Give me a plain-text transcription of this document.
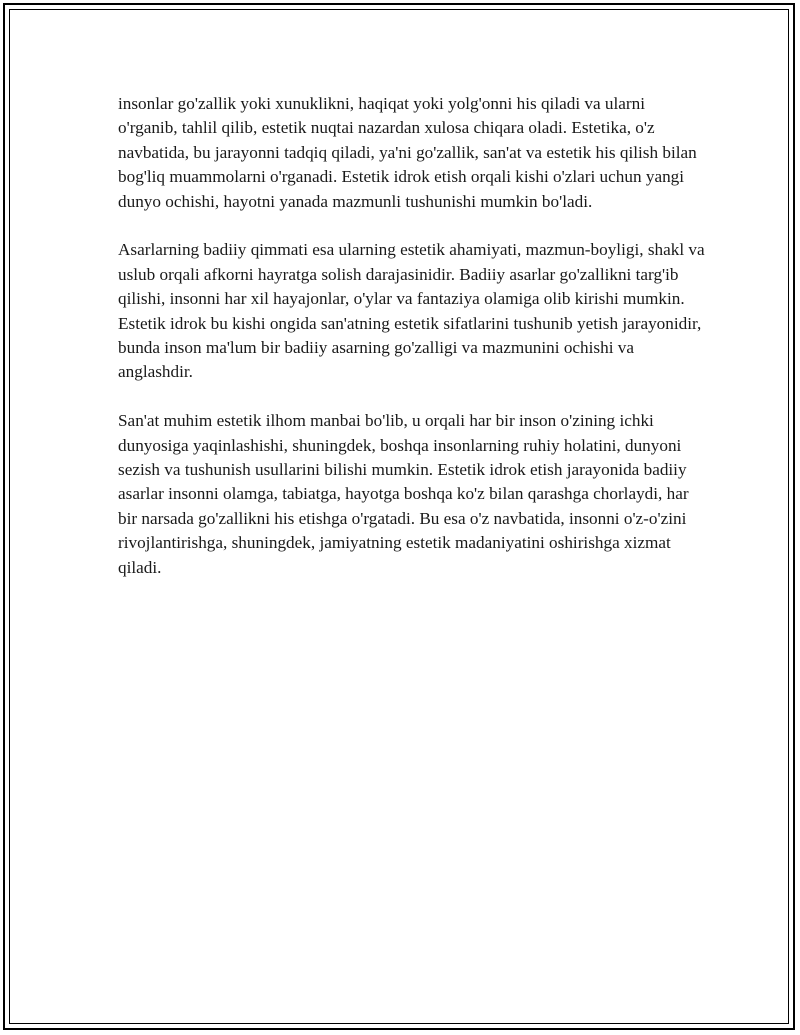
insonlar go'zallik yoki xunuklikni, haqiqat yoki yolg'onni his qiladi va ularni o'rganib, tahlil qilib, estetik nuqtai nazardan xulosa chiqara oladi. Estetika, o'z navbatida, bu jarayonni tadqiq qiladi, ya'ni go'zallik, san'at va estetik his qilish bilan bog'liq muammolarni o'rganadi. Estetik idrok etish orqali kishi o'zlari uchun yangi dunyo ochishi, hayotni yanada mazmunli tushunishi mumkin bo'ladi.

Asarlarning badiiy qimmati esa ularning estetik ahamiyati, mazmun-boyligi, shakl va uslub orqali afkorni hayratga solish darajasinidir. Badiiy asarlar go'zallikni targ'ib qilishi, insonni har xil hayajonlar, o'ylar va fantaziya olamiga olib kirishi mumkin. Estetik idrok bu kishi ongida san'atning estetik sifatlarini tushunib yetish jarayonidir, bunda inson ma'lum bir badiiy asarning go'zalligi va mazmunini ochishi va anglashdir.

San'at muhim estetik ilhom manbai bo'lib, u orqali har bir inson o'zining ichki dunyosiga yaqinlashishi, shuningdek, boshqa insonlarning ruhiy holatini, dunyoni sezish va tushunish usullarini bilishi mumkin. Estetik idrok etish jarayonida badiiy asarlar insonni olamga, tabiatga, hayotga boshqa ko'z bilan qarashga chorlaydi, har bir narsada go'zallikni his etishga o'rgatadi. Bu esa o'z navbatida, insonni o'z-o'zini rivojlantirishga, shuningdek, jamiyatning estetik madaniyatini oshirishga xizmat qiladi.
